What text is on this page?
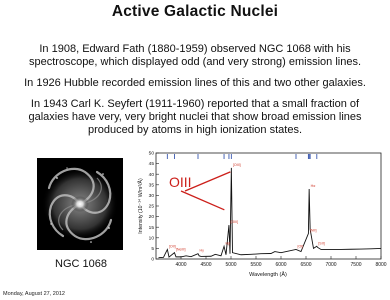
Active Galactic Nuclei
In 1908, Edward Fath (1880-1959) observed NGC 1068 with his spectroscope, which displayed odd (and very strong) emission lines.
In 1926 Hubble recorded emission lines of this and two other galaxies.
In 1943 Carl K. Seyfert (1911-1960) reported that a small fraction of galaxies have very, very bright nuclei that show broad emission lines produced by atoms in high ionization states.
NGC 1068	0
5
10
15
20
25
30
35
40
45
50
4000	4500	5000	5500	6000	6500	7000	7500	8000
[OII]
[NeIII]	Hγ
Hβ
[OIII]
[OIII]
[NII]
Hα
[SII]
[OI]
Intensity (10⁻¹⁴ W/m²/Å)
Wavelength (Å)
OIII
Monday, August 27, 2012
